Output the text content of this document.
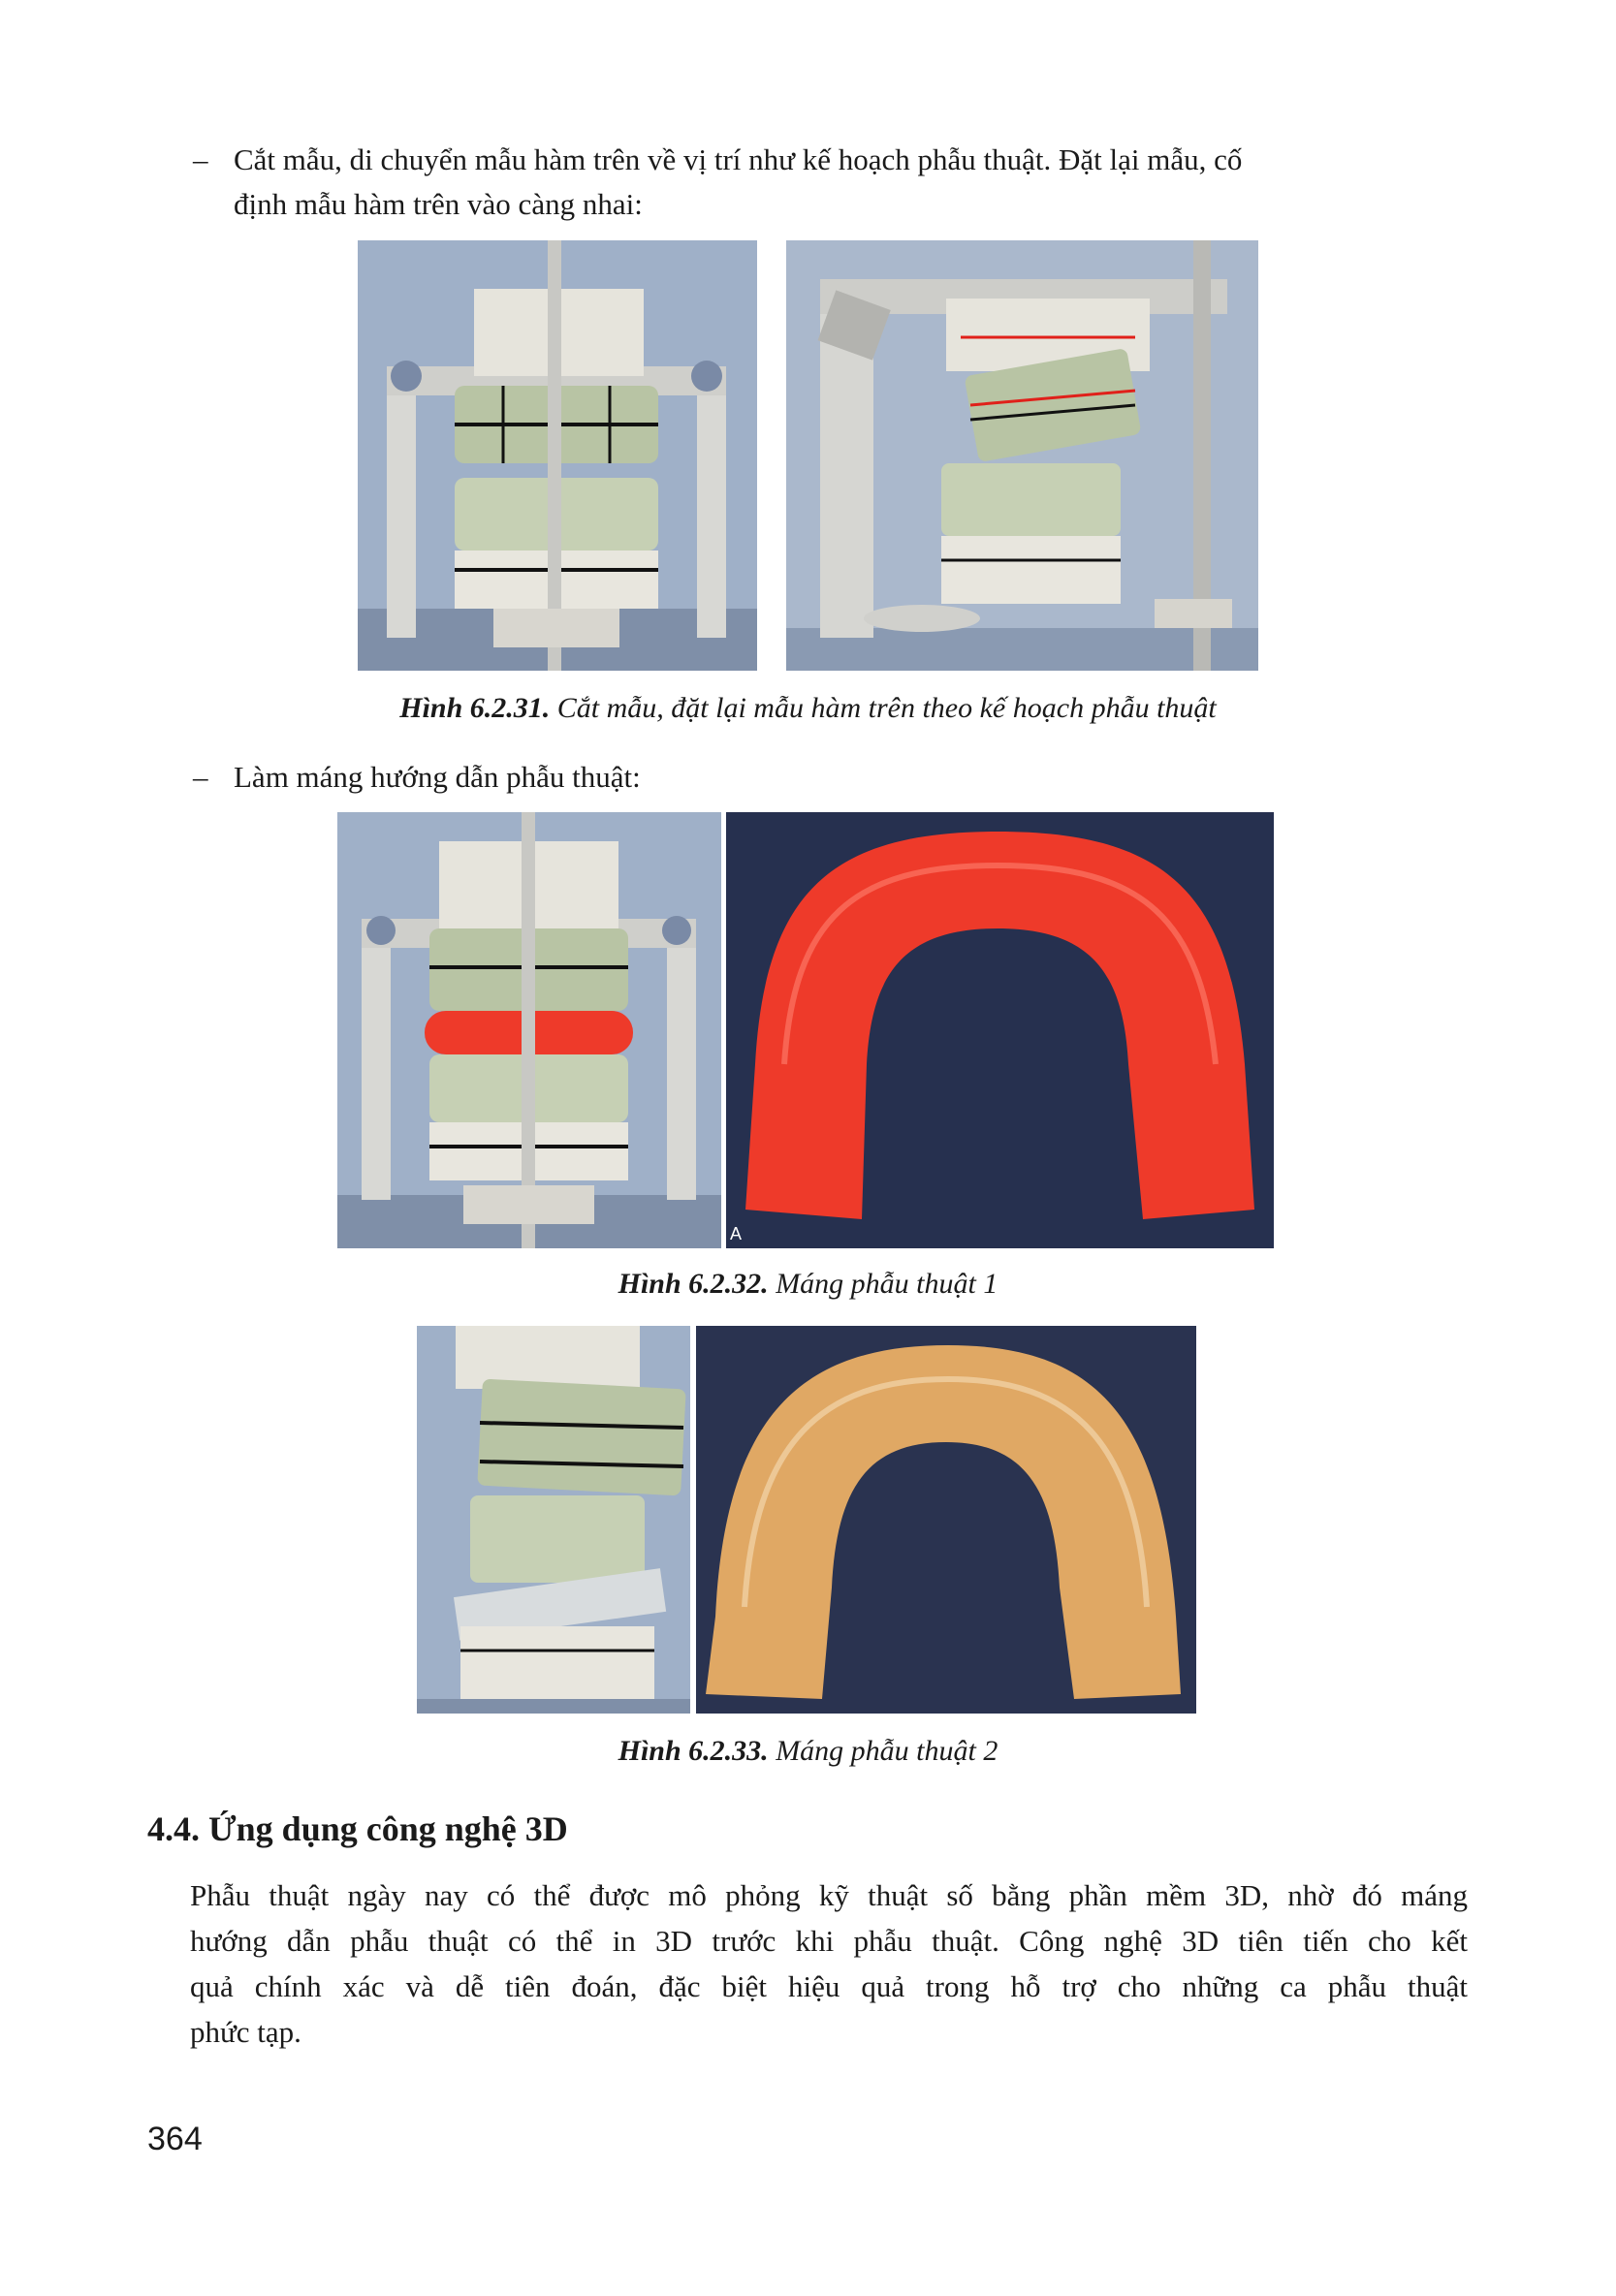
– Cắt mẫu, di chuyển mẫu hàm trên về vị trí như kế hoạch phẫu thuật. Đặt lại mẫu, cố
định mẫu hàm trên vào càng nhai:
Hình 6.2.31. Cắt mẫu, đặt lại mẫu hàm trên theo kế hoạch phẫu thuật
– Làm máng hướng dẫn phẫu thuật:
A
Hình 6.2.32. Máng phẫu thuật 1
Hình 6.2.33. Máng phẫu thuật 2
4.4. Ứng dụng công nghệ 3D
Phẫu thuật ngày nay có thể được mô phỏng kỹ thuật số bằng phần mềm 3D, nhờ đó máng
hướng dẫn phẫu thuật có thể in 3D trước khi phẫu thuật. Công nghệ 3D tiên tiến cho kết
quả chính xác và dễ tiên đoán, đặc biệt hiệu quả trong hỗ trợ cho những ca phẫu thuật
phức tạp.
364
